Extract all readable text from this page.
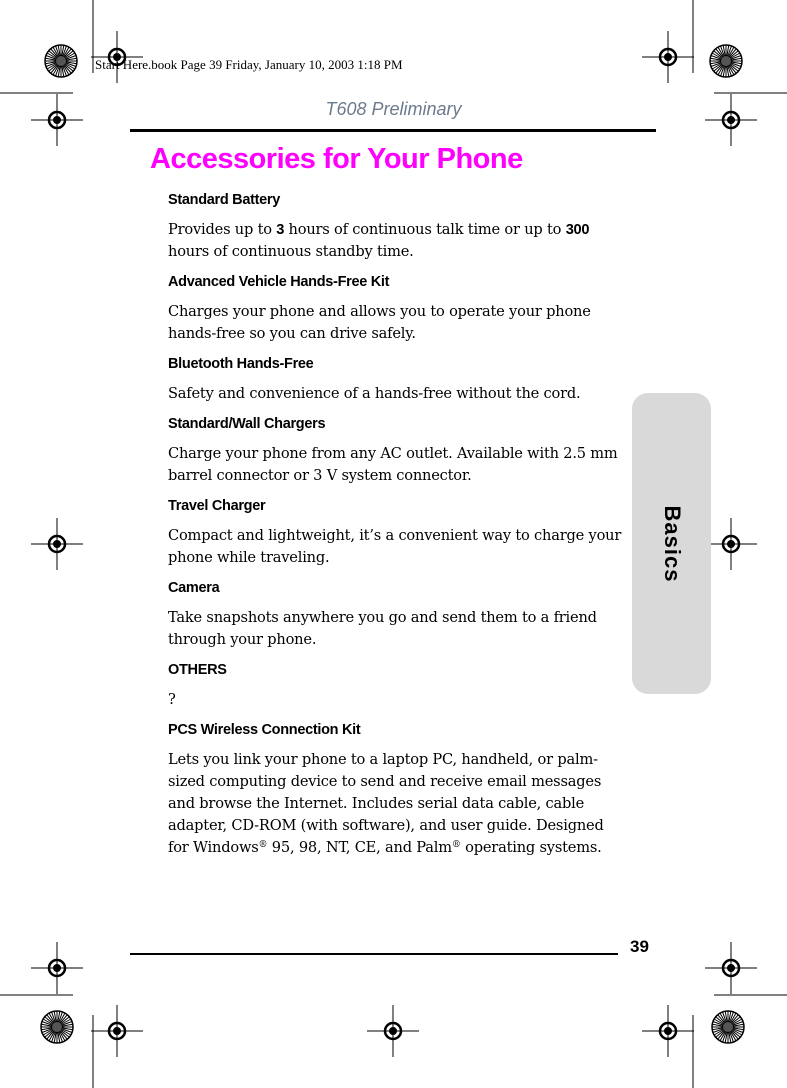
Start Here.book Page 39 Friday, January 10, 2003 1:18 PM
T608 Preliminary
Accessories for Your Phone
Standard Battery

Provides up to 3 hours of continuous talk time or up to 300 hours of continuous standby time.

Advanced Vehicle Hands-Free Kit

Charges your phone and allows you to operate your phone hands-free so you can drive safely.

Bluetooth Hands-Free

Safety and convenience of a hands-free without the cord.

Standard/Wall Chargers

Charge your phone from any AC outlet. Available with 2.5 mm barrel connector or 3 V system connector.

Travel Charger

Compact and lightweight, it’s a convenient way to charge your phone while traveling.

Camera

Take snapshots anywhere you go and send them to a friend through your phone.

OTHERS

?

PCS Wireless Connection Kit

Lets you link your phone to a laptop PC, handheld, or palm-sized computing device to send and receive email messages and browse the Internet. Includes serial data cable, cable adapter, CD-ROM (with software), and user guide. Designed for Windows® 95, 98, NT, CE, and Palm® operating systems.

Basics
39
